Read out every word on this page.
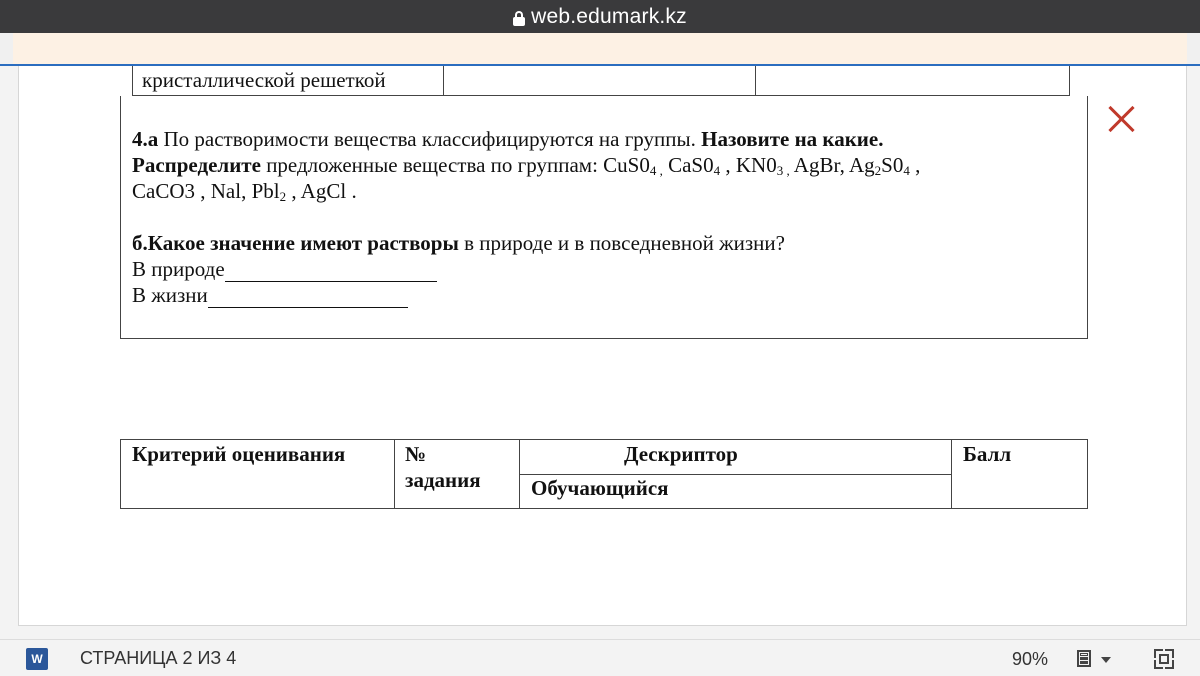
web.edumark.kz
кристаллической решеткой

4.а По растворимости вещества классифицируются на группы. Назовите на какие.

Распределите предложенные вещества по группам: $CuS0_{4 ,}$ $CaS0_4$ , $KN0_{3 ,}$ AgBr, $Ag_2S0_4$ ,

CaCO3 , Nal, Pbl$_2$ , AgCl .

б.Какое значение имеют растворы в природе и в повседневной жизни?

В природе

В жизни

Критерий оценивания	№
задания
Дескриптор
Обучающийся
Балл
W СТРАНИЦА 2 ИЗ 4	90%
